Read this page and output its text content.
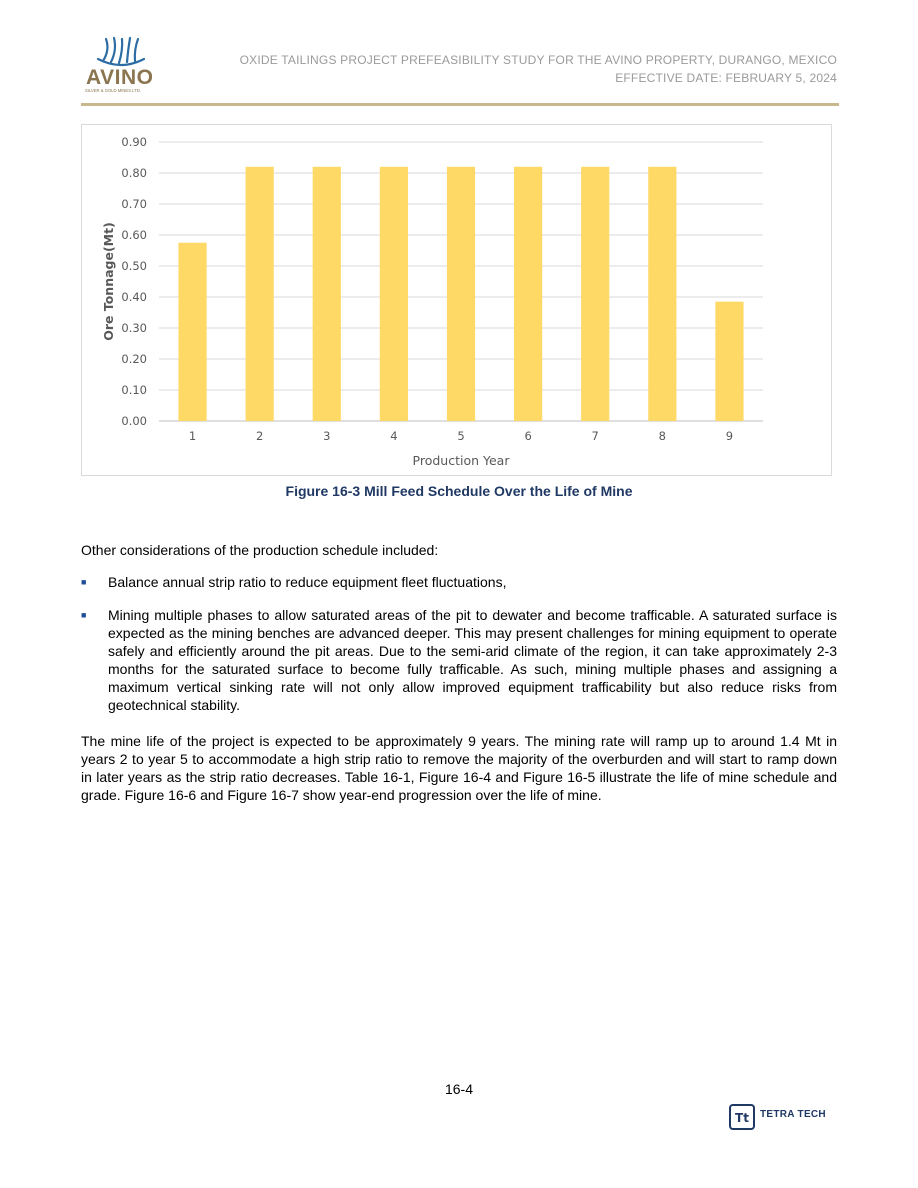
AVINO
SILVER & GOLD MINES LTD.
OXIDE TAILINGS PROJECT PREFEASIBILITY STUDY FOR THE AVINO PROPERTY, DURANGO, MEXICO
EFFECTIVE DATE: FEBRUARY 5, 2024
0.00
0.10
0.20
0.30
0.40
0.50
0.60
0.70
0.80
0.90
1	2	3	4	5	6	7	8	9
Production Year
Ore Tonnage(Mt)
Figure 16-3 Mill Feed Schedule Over the Life of Mine
Other considerations of the production schedule included:
■ Balance annual strip ratio to reduce equipment fleet fluctuations,
■ Mining multiple phases to allow saturated areas of the pit to dewater and become trafficable. A saturated surface is expected as the mining benches are advanced deeper. This may present challenges for mining equipment to operate safely and efficiently around the pit areas. Due to the semi-arid climate of the region, it can take approximately 2-3 months for the saturated surface to become fully trafficable. As such, mining multiple phases and assigning a maximum vertical sinking rate will not only allow improved equipment trafficability but also reduce risks from geotechnical stability.
The mine life of the project is expected to be approximately 9 years. The mining rate will ramp up to around 1.4 Mt in years 2 to year 5 to accommodate a high strip ratio to remove the majority of the overburden and will start to ramp down in later years as the strip ratio decreases. Table 16-1, Figure 16-4 and Figure 16-5 illustrate the life of mine schedule and grade. Figure 16-6 and Figure 16-7 show year-end progression over the life of mine.
16-4
Tt TETRA TECH
